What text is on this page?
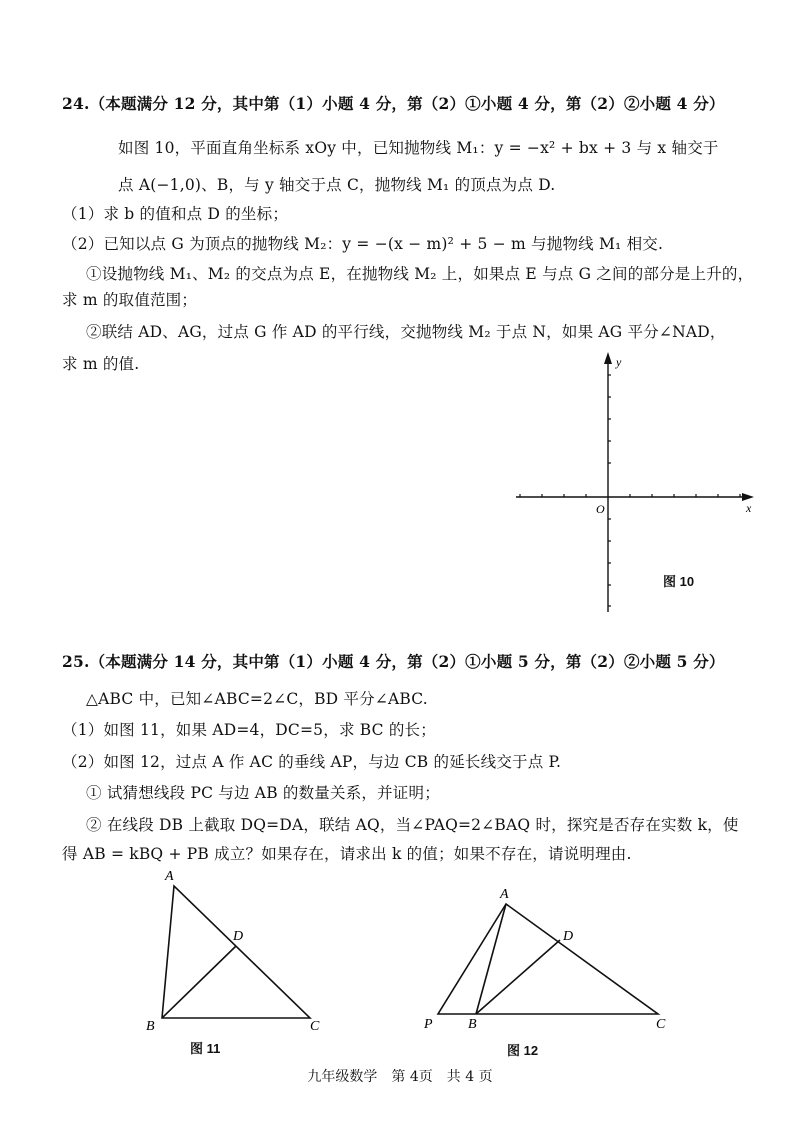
24.（本题满分 12 分，其中第（1）小题 4 分，第（2）①小题 4 分，第（2）②小题 4 分）
如图 10，平面直角坐标系 xOy 中，已知抛物线 M₁：y = −x² + bx + 3 与 x 轴交于
点 A(−1,0)、B，与 y 轴交于点 C，抛物线 M₁ 的顶点为点 D.
（1）求 b 的值和点 D 的坐标；
（2）已知以点 G 为顶点的抛物线 M₂：y = −(x − m)² + 5 − m 与抛物线 M₁ 相交.
①设抛物线 M₁、M₂ 的交点为点 E，在抛物线 M₂ 上，如果点 E 与点 G 之间的部分是上升的，
求 m 的取值范围；
②联结 AD、AG，过点 G 作 AD 的平行线，交抛物线 M₂ 于点 N，如果 AG 平分∠NAD，
求 m 的值.	y
x
O
图 10
25.（本题满分 14 分，其中第（1）小题 4 分，第（2）①小题 5 分，第（2）②小题 5 分）
△ABC 中，已知∠ABC=2∠C，BD 平分∠ABC.
（1）如图 11，如果 AD=4，DC=5，求 BC 的长；
（2）如图 12，过点 A 作 AC 的垂线 AP，与边 CB 的延长线交于点 P.
① 试猜想线段 PC 与边 AB 的数量关系，并证明；
② 在线段 DB 上截取 DQ=DA，联结 AQ，当∠PAQ=2∠BAQ 时，探究是否存在实数 k，使
得 AB = kBQ + PB 成立？如果存在，请求出 k 的值；如果不存在，请说明理由.
A
B	C
D
图 11
A
P	B	C
D
图 12
九年级数学　第 4页　共 4 页
